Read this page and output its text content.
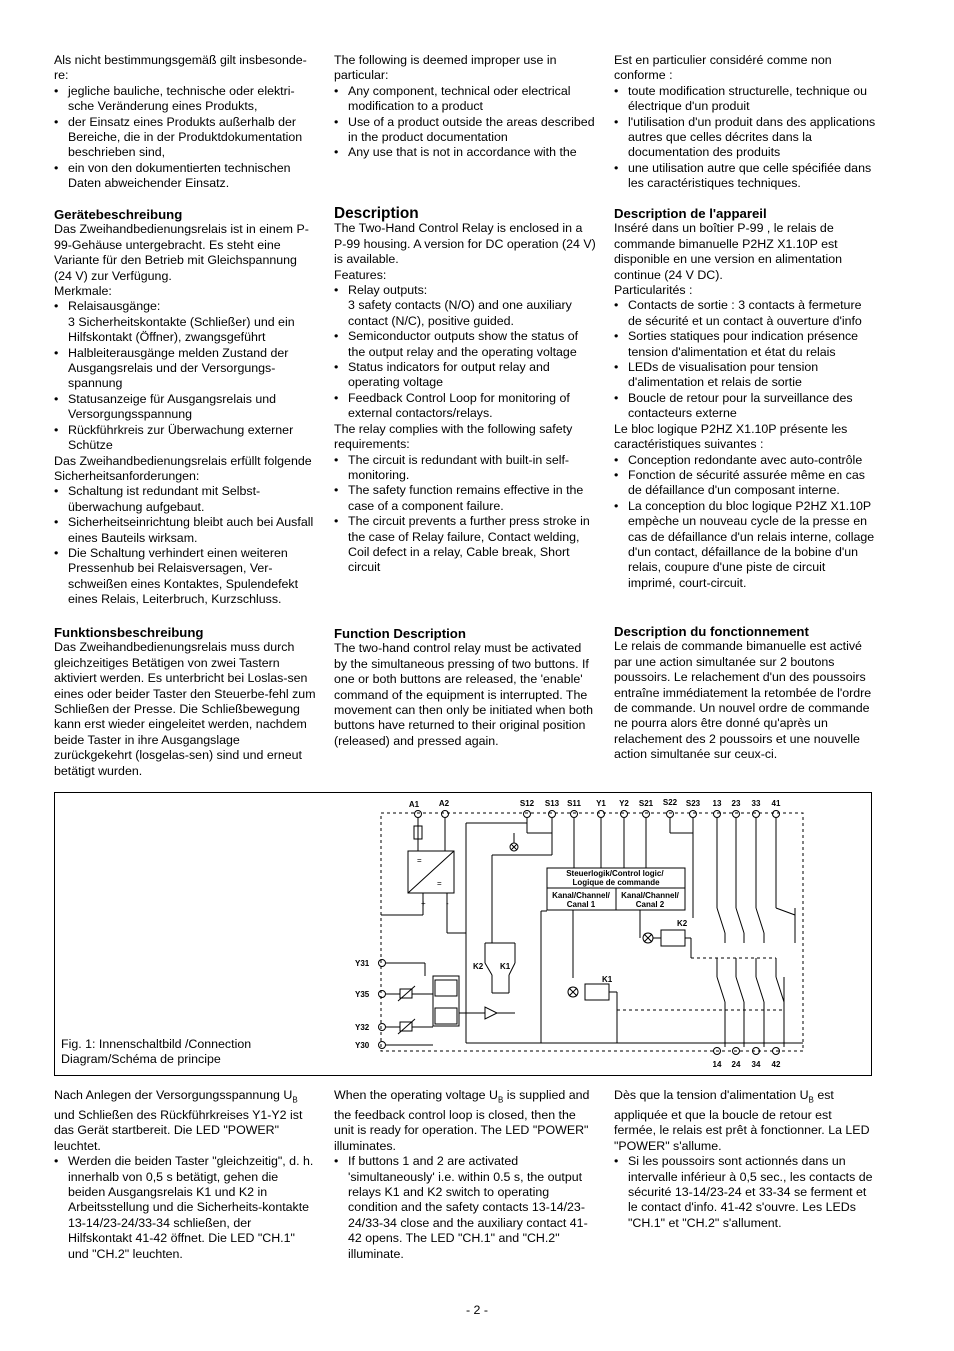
Als nicht bestimmungsgemäß gilt insbesonde-re:

• jegliche bauliche, technische oder elektri-sche Veränderung eines Produkts,
• der Einsatz eines Produkts außerhalb der Bereiche, die in der Produktdokumentation beschrieben sind,
• ein von den dokumentierten technischen Daten abweichender Einsatz.

The following is deemed improper use in particular:

• Any component, technical oder electrical modification to a product
• Use of a product outside the areas described in the product documentation
• Any use that is not in accordance with the

Est en particulier considéré comme non conforme :

• toute modification structurelle, technique ou électrique d'un produit
• l'utilisation d'un produit dans des applications autres que celles décrites dans la documentation des produits
• une utilisation autre que celle spécifiée dans les caractéristiques techniques.

Gerätebeschreibung

Das Zweihandbedienungsrelais ist in einem P-99-Gehäuse untergebracht. Es steht eine Variante für den Betrieb mit Gleichspannung (24 V) zur Verfügung.

Merkmale:

• Relaisausgänge:
3 Sicherheitskontakte (Schließer) und ein Hilfskontakt (Öffner), zwangsgeführt
• Halbleiterausgänge melden Zustand der Ausgangsrelais und der Versorgungs-spannung
• Statusanzeige für Ausgangsrelais und Versorgungsspannung
• Rückführkreis zur Überwachung externer Schütze

Das Zweihandbedienungsrelais erfüllt folgende Sicherheitsanforderungen:

• Schaltung ist redundant mit Selbst-überwachung aufgebaut.
• Sicherheitseinrichtung bleibt auch bei Ausfall eines Bauteils wirksam.
• Die Schaltung verhindert einen weiteren Pressenhub bei Relaisversagen, Ver-schweißen eines Kontaktes, Spulendefekt eines Relais, Leiterbruch, Kurzschluss.

Description

The Two-Hand Control Relay is enclosed in a P-99 housing. A version for DC operation (24 V) is available.

Features:

• Relay outputs:
3 safety contacts (N/O) and one auxiliary contact (N/C), positive guided.
• Semiconductor outputs show the status of the output relay and the operating voltage
• Status indicators for output relay and operating voltage
• Feedback Control Loop for monitoring of external contactors/relays.

The relay complies with the following safety requirements:

• The circuit is redundant with built-in self-monitoring.
• The safety function remains effective in the case of a component failure.
• The circuit prevents a further press stroke in the case of Relay failure, Contact welding, Coil defect in a relay, Cable break, Short circuit

Description de l'appareil

Inséré dans un boîtier P-99 , le relais de commande bimanuelle P2HZ X1.10P est disponible en une version en alimentation continue (24 V DC).

Particularités :

• Contacts de sortie : 3 contacts à fermeture de sécurité et un contact à ouverture d'info
• Sorties statiques pour indication présence tension d'alimentation et état du relais
• LEDs de visualisation pour tension d'alimentation et relais de sortie
• Boucle de retour pour la surveillance des contacteurs externe

Le bloc logique P2HZ X1.10P présente les caractéristiques suivantes :

• Conception redondante avec auto-contrôle
• Fonction de sécurité assurée même en cas de défaillance d'un composant interne.
• La conception du bloc logique P2HZ X1.10P empèche un nouveau cycle de la presse en cas de défaillance d'un relais interne, collage d'un contact, défaillance de la bobine d'un relais, coupure d'une piste de circuit imprimé, court-circuit.

Funktionsbeschreibung

Das Zweihandbedienungsrelais muss durch gleichzeitiges Betätigen von zwei Tastern aktiviert werden. Es unterbricht bei Loslas-sen eines oder beider Taster den Steuerbe-fehl zum Schließen der Presse. Die Schließbewegung kann erst wieder eingeleitet werden, nachdem beide Taster in ihre Ausgangslage zurückgekehrt (losgelas-sen) sind und erneut betätigt wurden.

Function Description

The two-hand control relay must be activated by the simultaneous pressing of two buttons. If one or both buttons are released, the 'enable' command of the equipment is interrupted. The movement can then only be initiated when both buttons have returned to their original position (released) and pressed again.

Description du fonctionnement

Le relais de commande bimanuelle est activé par une action simultanée sur 2 boutons poussoirs. Le relachement d'un des poussoirs entraîne immédiatement la retombée de l'ordre de commande. Un nouvel ordre de commande ne pourra alors être donné qu'après un relachement des 2 poussoirs et une nouvelle action simultanée sur ceux-ci.

A1 A2	S12 S13 S11 Y1 Y2 S21 S22 S23 13 23 33 41
14 24 34 42
Y31
Y35
Y32
Y30
=
=
+	-
Steuerlogik/Control logic/ Logique de commande
Kanal/Channel/ Canal 1
Kanal/Channel/ Canal 2
K2
K1
K2 K1
Fig. 1: Innenschaltbild /Connection Diagram/Schéma de principe

Nach Anlegen der Versorgungsspannung $U_B$ und Schließen des Rückführkreises Y1-Y2 ist das Gerät startbereit. Die LED "POWER" leuchtet.

• Werden die beiden Taster "gleichzeitig", d. h. innerhalb von 0,5 s betätigt, gehen die beiden Ausgangsrelais K1 und K2 in Arbeitsstellung und die Sicherheits-kontakte 13-14/23-24/33-34 schließen, der Hilfskontakt 41-42 öffnet. Die LED "CH.1" und "CH.2" leuchten.

When the operating voltage $U_B$ is supplied and the feedback control loop is closed, then the unit is ready for operation. The LED "POWER" illuminates.

• If buttons 1 and 2 are activated 'simultaneously' i.e. within 0.5 s, the output relays K1 and K2 switch to operating condition and the safety contacts 13-14/23-24/33-34 close and the auxiliary contact 41-42 opens. The LED "CH.1" and "CH.2" illuminate.

Dès que la tension d'alimentation $U_B$ est appliquée et que la boucle de retour est fermée, le relais est prêt à fonctionner. La LED "POWER" s'allume.

• Si les poussoirs sont actionnés dans un intervalle inférieur à 0,5 sec., les contacts de sécurité 13-14/23-24 et 33-34 se ferment et le contact d'info. 41-42 s'ouvre. Les LEDs "CH.1" et "CH.2" s'allument.
- 2 -
